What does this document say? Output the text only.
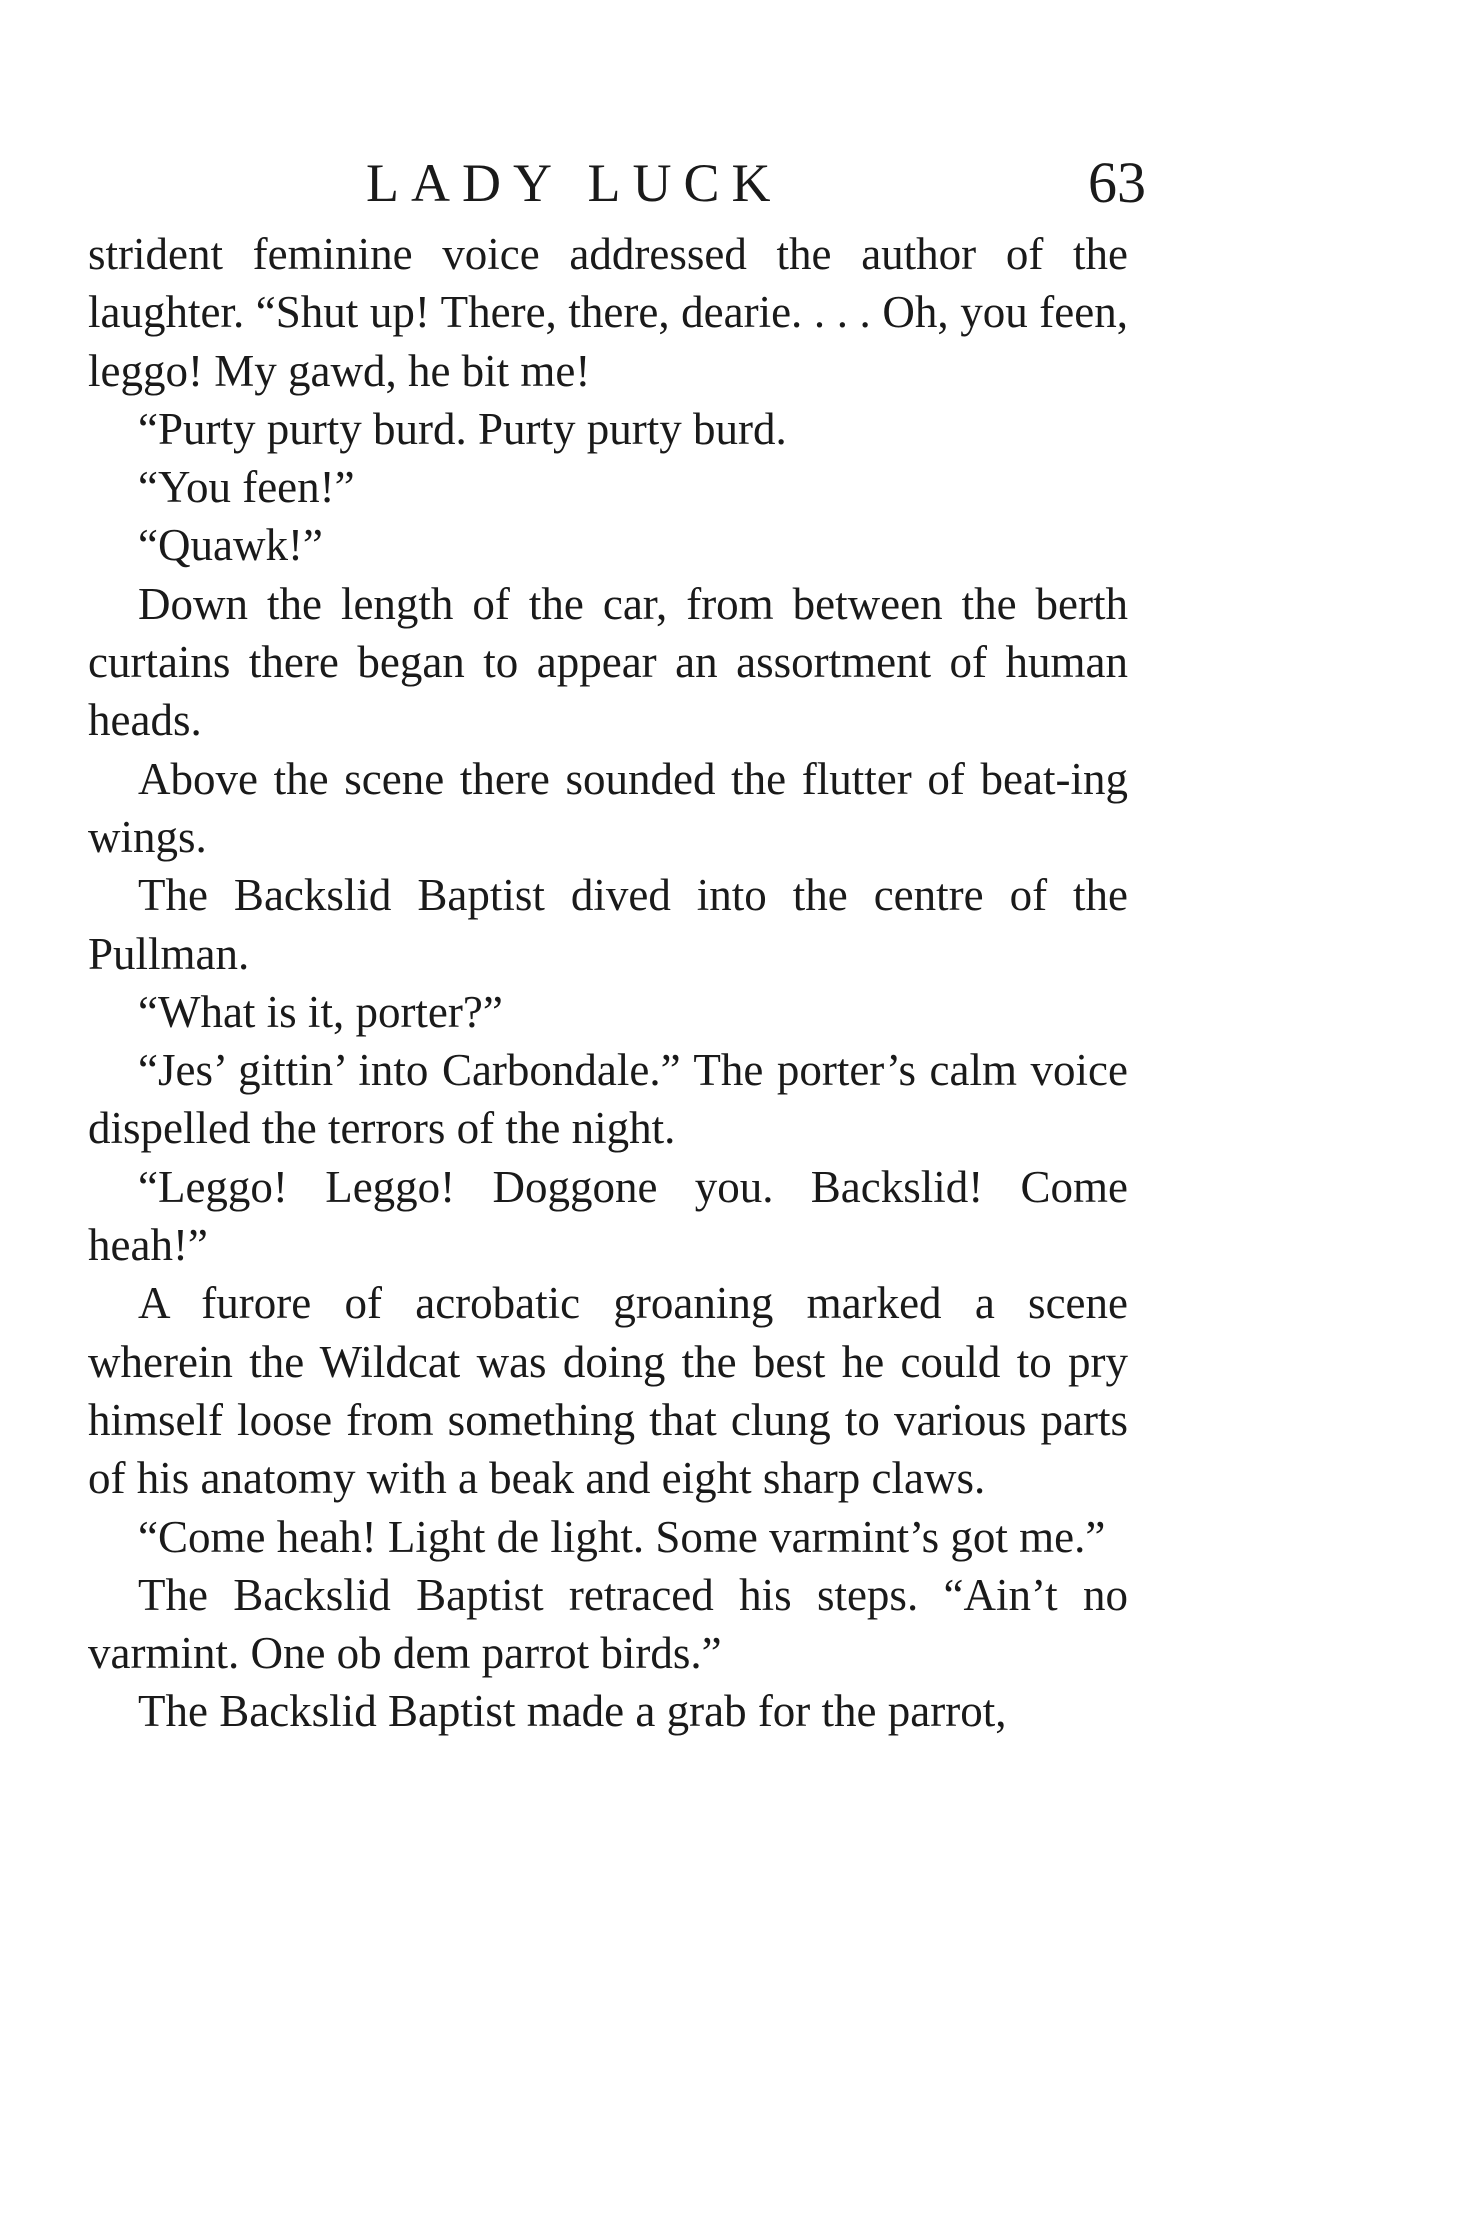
LADY LUCK	63

strident feminine voice addressed the author of the laughter. “Shut up! There, there, dearie. . . . Oh, you feen, leggo! My gawd, he bit me!

“Purty purty burd. Purty purty burd.

“You feen!”

“Quawk!”

Down the length of the car, from between the berth curtains there began to appear an assortment of human heads.

Above the scene there sounded the flutter of beat-ing wings.

The Backslid Baptist dived into the centre of the Pullman.

“What is it, porter?”

“Jes’ gittin’ into Carbondale.” The porter’s calm voice dispelled the terrors of the night.

“Leggo! Leggo! Doggone you. Backslid! Come heah!”

A furore of acrobatic groaning marked a scene wherein the Wildcat was doing the best he could to pry himself loose from something that clung to various parts of his anatomy with a beak and eight sharp claws.

“Come heah! Light de light. Some varmint’s got me.”

The Backslid Baptist retraced his steps. “Ain’t no varmint. One ob dem parrot birds.”

The Backslid Baptist made a grab for the parrot,
